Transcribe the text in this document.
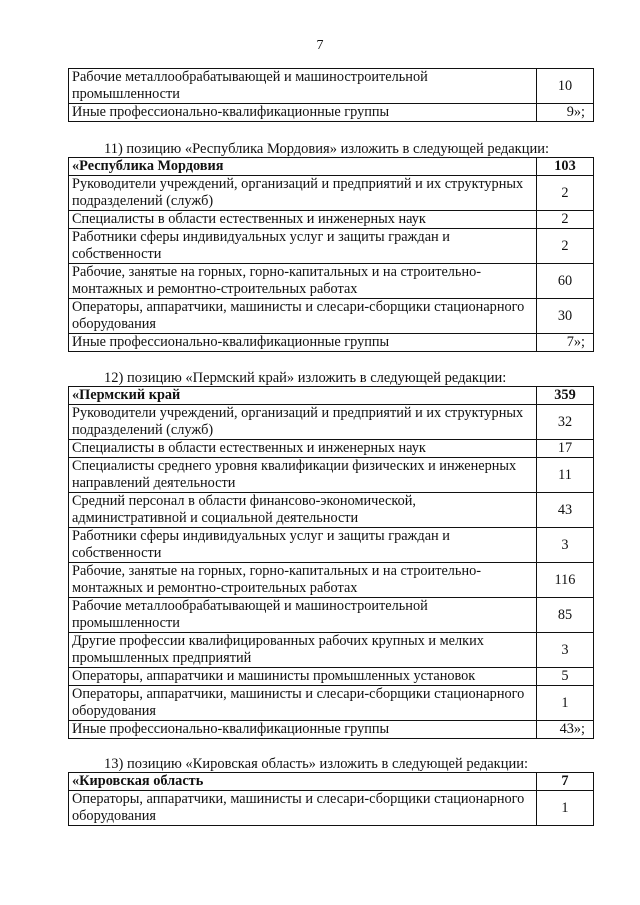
7
Рабочие металлообрабатывающей и машиностроительной промышленности	10
Иные профессионально-квалификационные группы	9»;
11) позицию «Республика Мордовия» изложить в следующей редакции:
«Республика Мордовия	103
Руководители учреждений, организаций и предприятий и их структурных подразделений (служб)	2
Специалисты в области естественных и инженерных наук	2
Работники сферы индивидуальных услуг и защиты граждан и собственности	2
Рабочие, занятые на горных, горно-капитальных и на строительно-монтажных и ремонтно-строительных работах	60
Операторы, аппаратчики, машинисты и слесари-сборщики стационарного оборудования	30
Иные профессионально-квалификационные группы	7»;
12) позицию «Пермский край» изложить в следующей редакции:
«Пермский край	359
Руководители учреждений, организаций и предприятий и их структурных подразделений (служб)	32
Специалисты в области естественных и инженерных наук	17
Специалисты среднего уровня квалификации физических и инженерных направлений деятельности	11
Средний персонал в области финансово-экономической, административной и социальной деятельности	43
Работники сферы индивидуальных услуг и защиты граждан и собственности	3
Рабочие, занятые на горных, горно-капитальных и на строительно-монтажных и ремонтно-строительных работах	116
Рабочие металлообрабатывающей и машиностроительной промышленности	85
Другие профессии квалифицированных рабочих крупных и мелких промышленных предприятий	3
Операторы, аппаратчики и машинисты промышленных установок	5
Операторы, аппаратчики, машинисты и слесари-сборщики стационарного оборудования	1
Иные профессионально-квалификационные группы	43»;
13) позицию «Кировская область» изложить в следующей редакции:
«Кировская область	7
Операторы, аппаратчики, машинисты и слесари-сборщики стационарного оборудования	1
